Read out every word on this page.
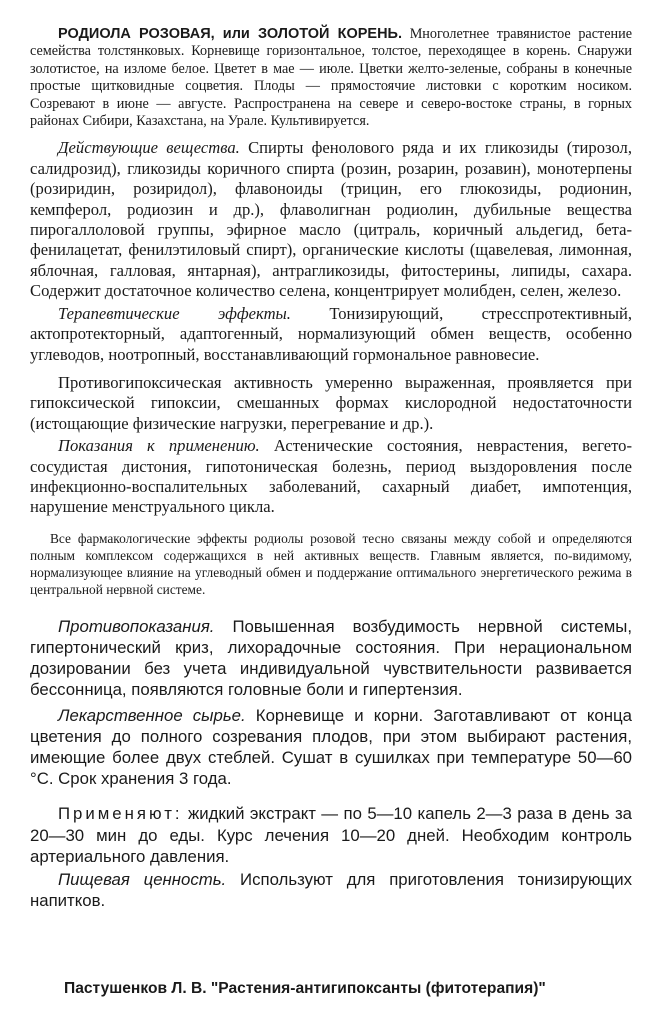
РОДИОЛА РОЗОВАЯ, или ЗОЛОТОЙ КОРЕНЬ. Многолетнее травянистое растение семейства толстянковых. Корневище горизонтальное, толстое, переходящее в корень. Снаружи золотистое, на изломе белое. Цветет в мае — июле. Цветки желто-зеленые, собраны в конечные простые щитковидные соцветия. Плоды — прямостоячие листовки с коротким носиком. Созревают в июне — августе. Распространена на севере и северо-востоке страны, в горных районах Сибири, Казахстана, на Урале. Культивируется.

Действующие вещества. Спирты фенолового ряда и их гликозиды (тирозол, салидрозид), гликозиды коричного спирта (розин, розарин, розавин), монотерпены (розиридин, розиридол), флавоноиды (трицин, его глюкозиды, родионин, кемпферол, родиозин и др.), флаволигнан родиолин, дубильные вещества пирогаллоловой группы, эфирное масло (цитраль, коричный альдегид, бета-фенилацетат, фенилэтиловый спирт), органические кислоты (щавелевая, лимонная, яблочная, галловая, янтарная), антрагликозиды, фитостерины, липиды, сахара. Содержит достаточное количество селена, концентрирует молибден, селен, железо.

Терапевтические эффекты. Тонизирующий, стресспротективный, актопротекторный, адаптогенный, нормализующий обмен веществ, особенно углеводов, ноотропный, восстанавливающий гормональное равновесие.

Противогипоксическая активность умеренно выраженная, проявляется при гипоксической гипоксии, смешанных формах кислородной недостаточности (истощающие физические нагрузки, перегревание и др.).

Показания к применению. Астенические состояния, неврастения, вегето-сосудистая дистония, гипотоническая болезнь, период выздоровления после инфекционно-воспалительных заболеваний, сахарный диабет, импотенция, нарушение менструального цикла.

Все фармакологические эффекты родиолы розовой тесно связаны между собой и определяются полным комплексом содержащихся в ней активных веществ. Главным является, по-видимому, нормализующее влияние на углеводный обмен и поддержание оптимального энергетического режима в центральной нервной системе.

Противопоказания. Повышенная возбудимость нервной системы, гипертонический криз, лихорадочные состояния. При нерациональном дозировании без учета индивидуальной чувствительности развивается бессонница, появляются головные боли и гипертензия.

Лекарственное сырье. Корневище и корни. Заготавливают от конца цветения до полного созревания плодов, при этом выбирают растения, имеющие более двух стеблей. Сушат в сушилках при температуре 50—60 °С. Срок хранения 3 года.

Применяют: жидкий экстракт — по 5—10 капель 2—3 раза в день за 20—30 мин до еды. Курс лечения 10—20 дней. Необходим контроль артериального давления.

Пищевая ценность. Используют для приготовления тонизирующих напитков.

Пастушенков Л. В. "Растения-антигипоксанты (фитотерапия)"
